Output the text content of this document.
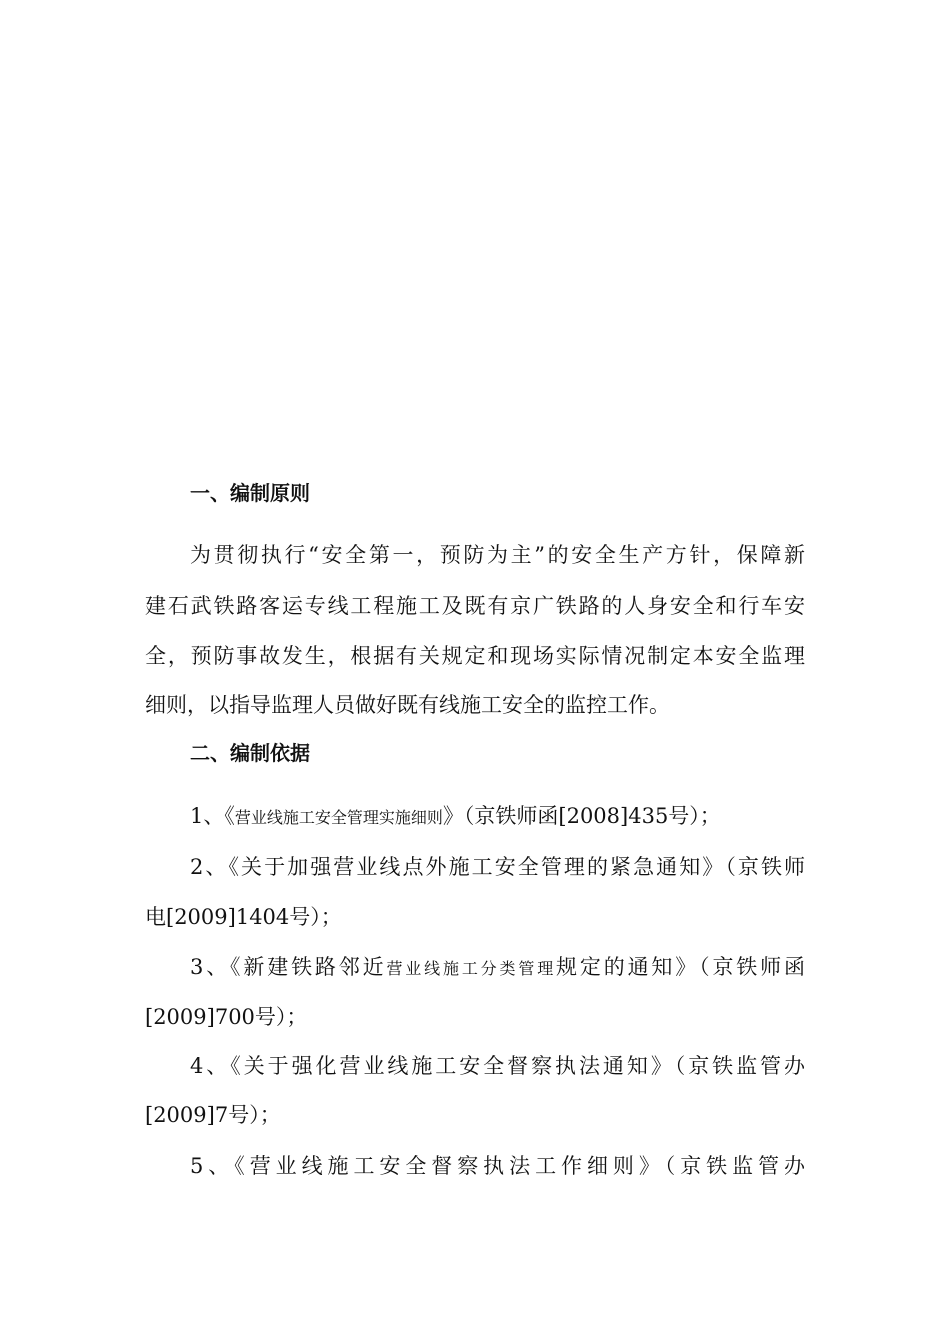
一、编制原则
为贯彻执行“安全第一，预防为主”的安全生产方针，保障新
建石武铁路客运专线工程施工及既有京广铁路的人身安全和行车安
全，预防事故发生，根据有关规定和现场实际情况制定本安全监理
细则，以指导监理人员做好既有线施工安全的监控工作。
二、编制依据
1、《营业线施工安全管理实施细则》（京铁师函[2008]435号）；
2、《关于加强营业线点外施工安全管理的紧急通知》（京铁师
电[2009]1404号）；
3、《新建铁路邻近营业线施工分类管理规定的通知》（京铁师函
[2009]700号）；
4、《关于强化营业线施工安全督察执法通知》（京铁监管办
[2009]7号）；
5、《营业线施工安全督察执法工作细则》（京铁监管办
